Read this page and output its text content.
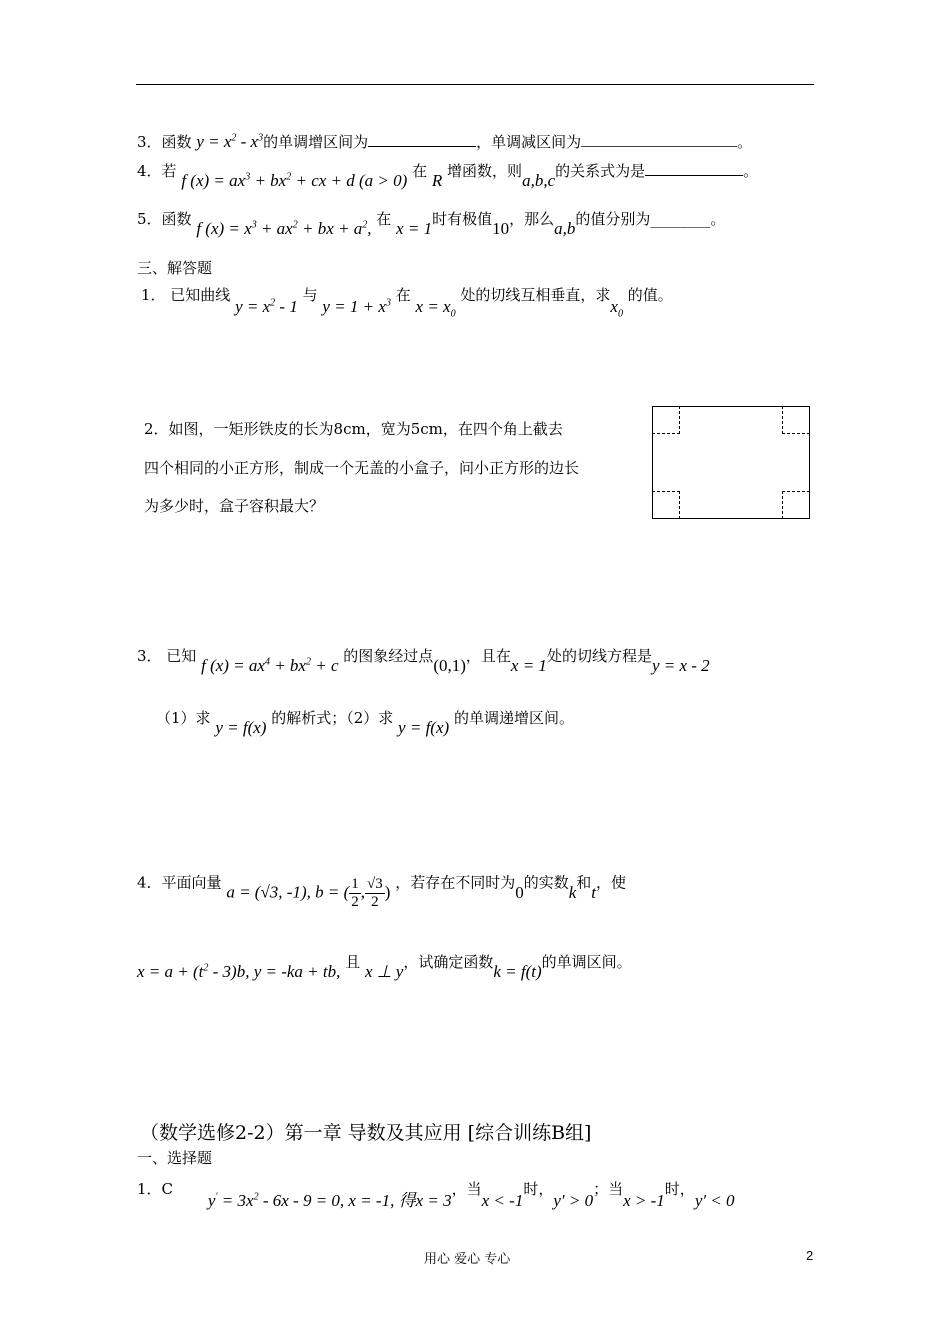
3．函数 $y = x^2 - x^3$的单调增区间为	，单调减区间为	。
4．若 f $(x) = ax^3 + bx^2$ + cx + d (a > 0) 在 R 增函数，则a,b,c的关系式为是	。
5．函数 f $(x) = x^3 + ax^2$ + bx + $a^2$, 在 x = 1时有极值10，那么a,b的值分别为________。
三、解答题
1． 已知曲线 $y = x^2 - 1$ 与 $y = 1 + x^3$ 在 $x = x_0$ 处的切线互相垂直，求$x_0$ 的值。
2．如图，一矩形铁皮的长为8cm，宽为5cm，在四个角上截去
四个相同的小正方形，制成一个无盖的小盒子，问小正方形的边长
为多少时，盒子容积最大？
3． 已知 f $(x) = ax^4 + bx^2 + c$ 的图象经过点(0,1)，且在x = 1处的切线方程是y = x - 2
（1）求 y = f(x) 的解析式；（2）求 y = f(x) 的单调递增区间。
4．平面向量 a = (√3, -1), b = ( $\frac{1}{2}$ , $\frac{√3}{2}$ ) ，若存在不同时为0的实数k和t，使
$x = a + (t^2 - 3)b$, y = -ka + tb, 且 x ⊥ y，试确定函数k = f(t)的单调区间。
（数学选修2-2）第一章 导数及其应用 [综合训练B组]
一、选择题
1．C $y' = 3x^2 - 6x - 9 = 0$, x = -1, 得x = 3，当x < -1时，y′ > 0；当x > -1时，y′ < 0
用心 爱心 专心	2
